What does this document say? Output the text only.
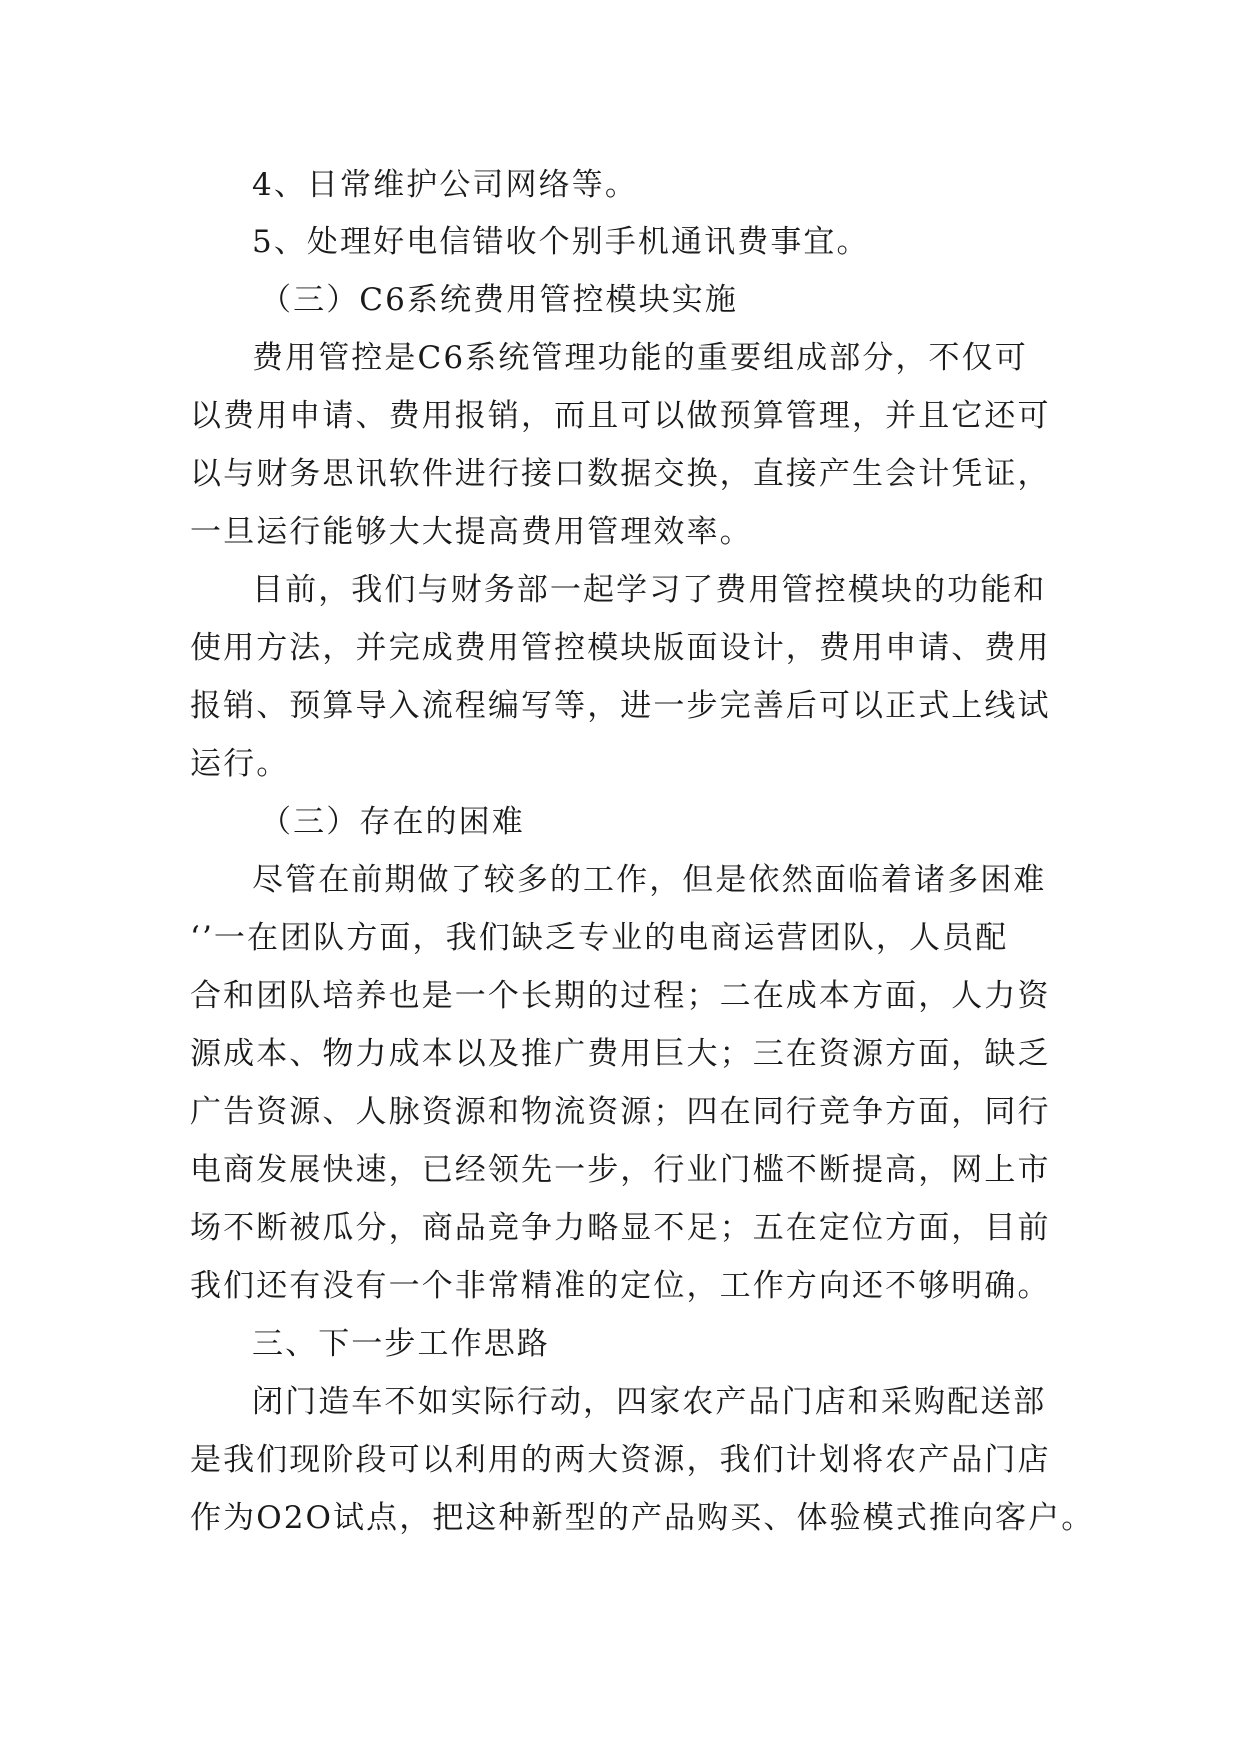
4、日常维护公司网络等。
5、处理好电信错收个别手机通讯费事宜。
（三）C6系统费用管控模块实施
费用管控是C6系统管理功能的重要组成部分，不仅可
以费用申请、费用报销，而且可以做预算管理，并且它还可
以与财务思讯软件进行接口数据交换，直接产生会计凭证，
一旦运行能够大大提高费用管理效率。
目前，我们与财务部一起学习了费用管控模块的功能和
使用方法，并完成费用管控模块版面设计，费用申请、费用
报销、预算导入流程编写等，进一步完善后可以正式上线试
运行。
（三）存在的困难
尽管在前期做了较多的工作，但是依然面临着诸多困难
‘’一在团队方面，我们缺乏专业的电商运营团队，人员配
合和团队培养也是一个长期的过程；二在成本方面，人力资
源成本、物力成本以及推广费用巨大；三在资源方面，缺乏
广告资源、人脉资源和物流资源；四在同行竞争方面，同行
电商发展快速，已经领先一步，行业门槛不断提高，网上市
场不断被瓜分，商品竞争力略显不足；五在定位方面，目前
我们还有没有一个非常精准的定位，工作方向还不够明确。
三、下一步工作思路
闭门造车不如实际行动，四家农产品门店和采购配送部
是我们现阶段可以利用的两大资源，我们计划将农产品门店
作为O2O试点，把这种新型的产品购买、体验模式推向客户。
